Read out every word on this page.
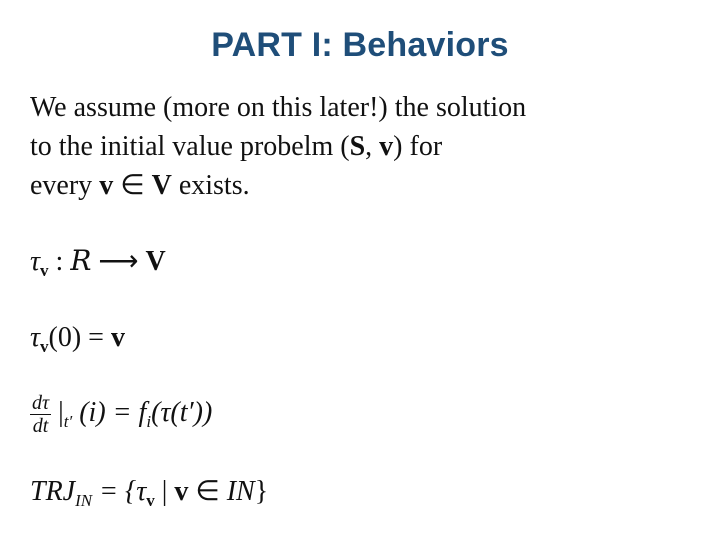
PART I: Behaviors
We assume (more on this later!) the solution
to the initial value probelm (S, v) for
every v ∈ V exists.
$\tau_v$ : R ⟶ V
$\tau_v(0) = v$
$\frac{d\tau}{dt} |_{t'}$ $(i) = f_i(\tau(t'))$
$TRJ_{IN} = \{\tau_v$ | v ∈ IN}
